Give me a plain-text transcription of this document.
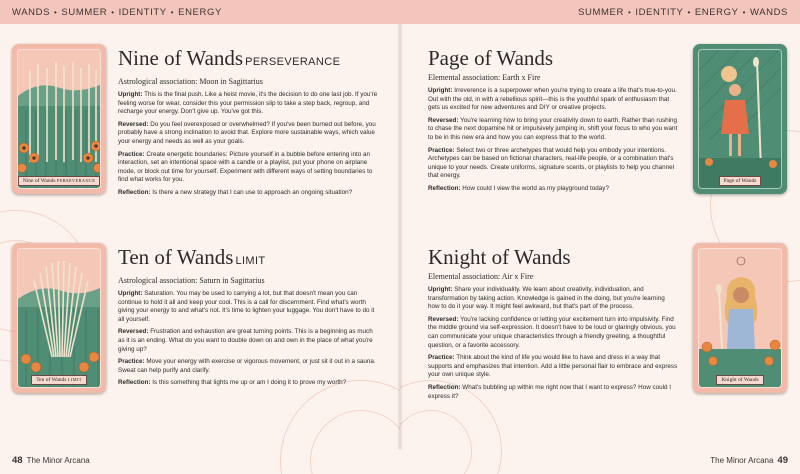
WANDS • SUMMER • IDENTITY • ENERGY
Nine of Wands PERSEVERANCE
Nine of Wands PERSEVERANCE
Astrological association: Moon in Sagittarius

Upright: This is the final push. Like a heist movie, it's the decision to do one last job. If you're feeling worse for wear, consider this your permission slip to take a step back, regroup, and recharge your energy. Don't give up. You've got this.

Reversed: Do you feel overexposed or overwhelmed? If you've been burned out before, you probably have a strong inclination to avoid that. Explore more sustainable ways, which value your energy and needs as well as your goals.

Practice: Create energetic boundaries: Picture yourself in a bubble before entering into an interaction, set an intentional space with a candle or a playlist, put your phone on airplane mode, or block out time for yourself. Experiment with different ways of setting boundaries to find what works for you.

Reflection: Is there a new strategy that I can use to approach an ongoing situation?

Ten of Wands LIMIT
Ten of Wands LIMIT
Astrological association: Saturn in Sagittarius

Upright: Saturation. You may be used to carrying a lot, but that doesn't mean you can continue to hold it all and keep your cool. This is a call for discernment. Find what's worth giving your energy to and what's not. It's time to lighten your luggage. You don't have to do it all yourself.

Reversed: Frustration and exhaustion are great turning points. This is a beginning as much as it is an ending. What do you want to double down on and own in the place of what you're giving up?

Practice: Move your energy with exercise or vigorous movement, or just sit it out in a sauna. Sweat can help purify and clarify.

Reflection: Is this something that lights me up or am I doing it to prove my worth?

48 The Minor Arcana
SUMMER • IDENTITY • ENERGY • WANDS
Page of Wands
Elemental association: Earth x Fire

Upright: Irreverence is a superpower when you're trying to create a life that's true-to-you. Out with the old, in with a rebellious spirit—this is the youthful spark of enthusiasm that gets us excited for new adventures and DIY or creative projects.

Reversed: You're learning how to bring your creativity down to earth. Rather than rushing to chase the next dopamine hit or impulsively jumping in, shift your focus to who you want to be in this new era and how you can express that to the world.

Practice: Select two or three archetypes that would help you embody your intentions. Archetypes can be based on fictional characters, real-life people, or a combination that's unique to your needs. Create uniforms, signature scents, or playlists to help you channel that energy.

Reflection: How could I view the world as my playground today?

Page of Wands
Knight of Wands
Elemental association: Air x Fire

Upright: Share your individuality. We learn about creativity, individuation, and transformation by taking action. Knowledge is gained in the doing, but you're learning how to do it your way. It might feel awkward, but that's part of the process.

Reversed: You're lacking confidence or letting your excitement turn into impulsivity. Find the middle ground via self-expression. It doesn't have to be loud or glaringly obvious, you can communicate your unique characteristics through a friendly greeting, a thoughtful question, or a favorite accessory.

Practice: Think about the kind of life you would like to have and dress in a way that supports and emphasizes that intention. Add a little personal flair to embrace and express your own unique style.

Reflection: What's bubbling up within me right now that I want to express? How could I express it?

Knight of Wands
The Minor Arcana 49
